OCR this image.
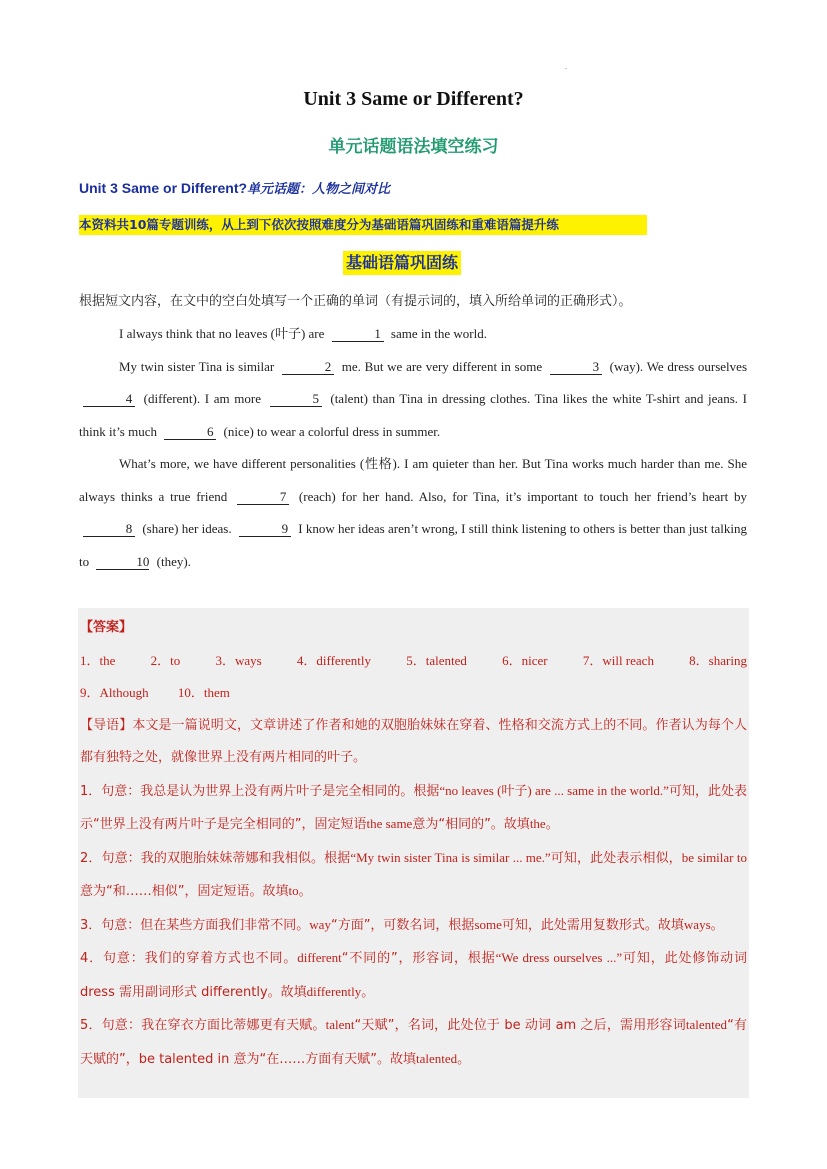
.
Unit 3 Same or Different?
单元话题语法填空练习
Unit 3 Same or Different?单元话题：人物之间对比
本资料共10篇专题训练，从上到下依次按照难度分为基础语篇巩固练和重难语篇提升练
基础语篇巩固练
根据短文内容，在文中的空白处填写一个正确的单词（有提示词的，填入所给单词的正确形式）。

I always think that no leaves (叶子) are	1 same in the world.

My twin sister Tina is similar	2 me. But we are very different in some	3 (way). We dress ourselves 4 (different). I am more	5 (talent) than Tina in dressing clothes. Tina likes the white T-shirt and jeans. I think it’s much	6 (nice) to wear a colorful dress in summer.

What’s more, we have different personalities (性格). I am quieter than her. But Tina works much harder than me. She always thinks a true friend	7 (reach) for her hand. Also, for Tina, it’s important to touch her friend’s heart by 8 (share) her ideas.	9 I know her ideas aren’t wrong, I still think listening to others is better than just talking to	10 (they).

【答案】
1．the	2．to	3．ways	4．differently	5．talented	6．nicer	7．will reach	8．sharing
9．Although 10．them

【导语】本文是一篇说明文，文章讲述了作者和她的双胞胎妹妹在穿着、性格和交流方式上的不同。作者认为每个人都有独特之处，就像世界上没有两片相同的叶子。

1．句意：我总是认为世界上没有两片叶子是完全相同的。根据“no leaves (叶子) are ... same in the world.”可知，此处表示“世界上没有两片叶子是完全相同的”，固定短语the same意为“相同的”。故填the。

2．句意：我的双胞胎妹妹蒂娜和我相似。根据“My twin sister Tina is similar ... me.”可知，此处表示相似，be similar to意为“和……相似”，固定短语。故填to。

3．句意：但在某些方面我们非常不同。way“方面”，可数名词，根据some可知，此处需用复数形式。故填ways。

4．句意：我们的穿着方式也不同。different“不同的”，形容词，根据“We dress ourselves ...”可知，此处修饰动词 dress 需用副词形式 differently。故填differently。

5．句意：我在穿衣方面比蒂娜更有天赋。talent“天赋”，名词，此处位于 be 动词 am 之后，需用形容词talented“有天赋的”，be talented in 意为“在……方面有天赋”。故填talented。
